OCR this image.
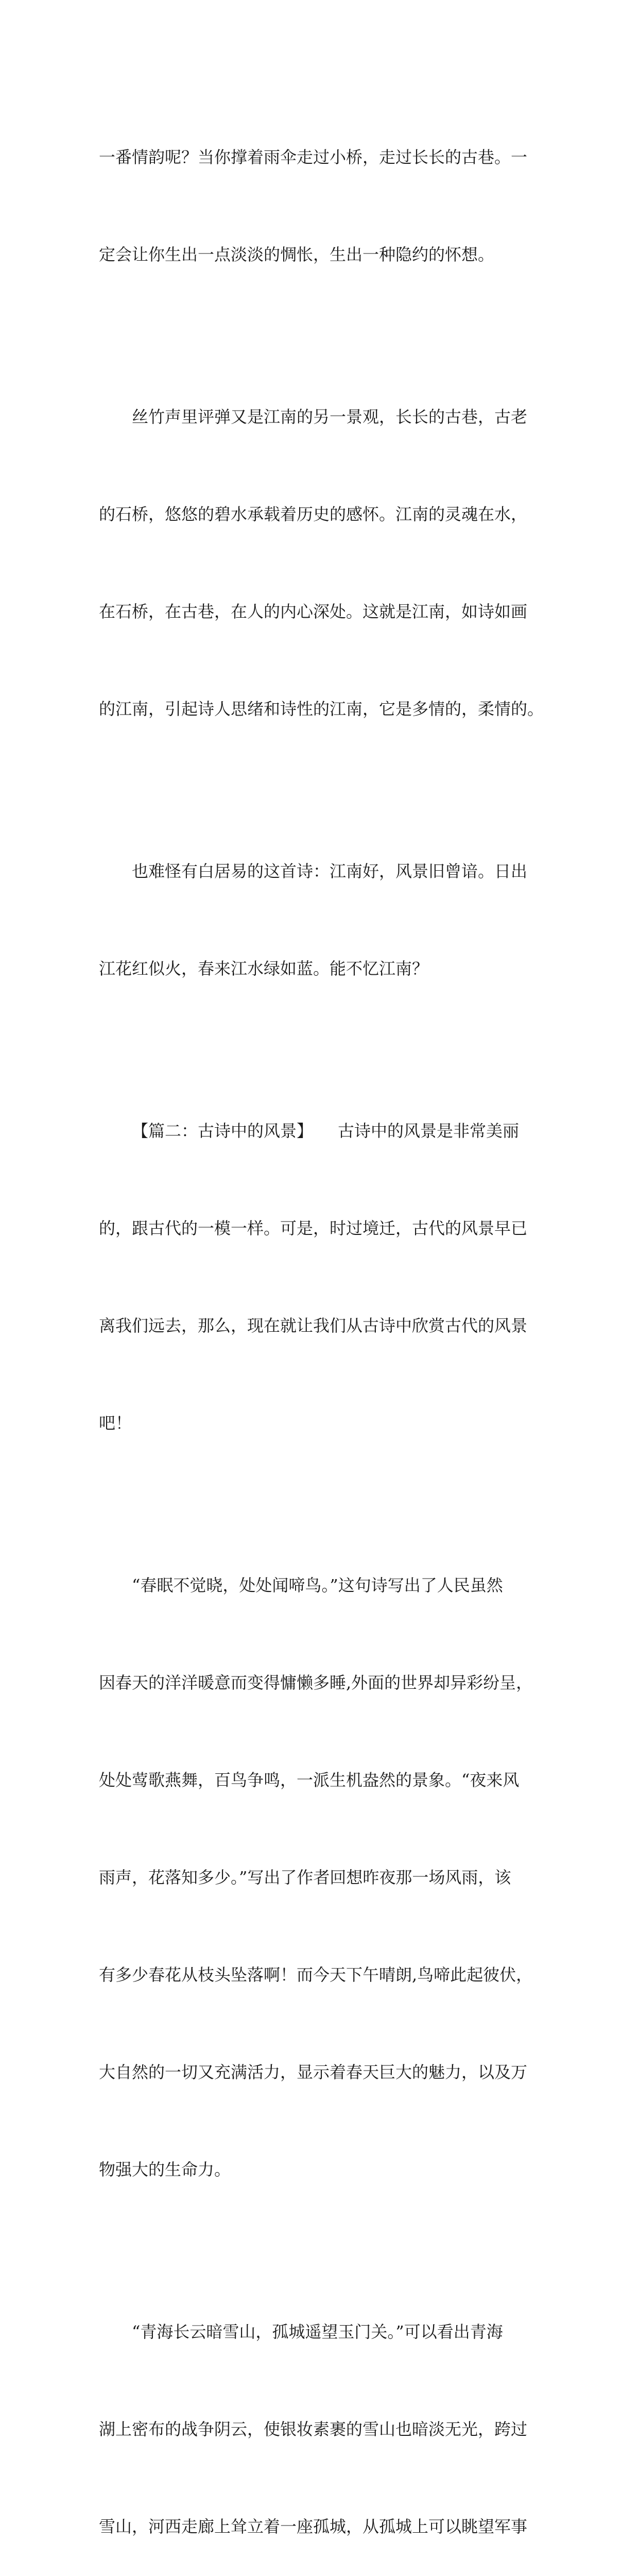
一番情韵呢？当你撑着雨伞走过小桥，走过长长的古巷。一

定会让你生出一点淡淡的惆怅，生出一种隐约的怀想。

丝竹声里评弹又是江南的另一景观，长长的古巷，古老

的石桥，悠悠的碧水承载着历史的感怀。江南的灵魂在水，

在石桥，在古巷，在人的内心深处。这就是江南，如诗如画

的江南，引起诗人思绪和诗性的江南，它是多情的，柔情的。

也难怪有白居易的这首诗：江南好，风景旧曾谙。日出

江花红似火，春来江水绿如蓝。能不忆江南？

【篇二：古诗中的风景】　　古诗中的风景是非常美丽

的，跟古代的一模一样。可是，时过境迁，古代的风景早已

离我们远去，那么，现在就让我们从古诗中欣赏古代的风景

吧！

“春眠不觉晓，处处闻啼鸟。”这句诗写出了人民虽然

因春天的洋洋暖意而变得慵懒多睡,外面的世界却异彩纷呈，

处处莺歌燕舞，百鸟争鸣，一派生机盎然的景象。“夜来风

雨声，花落知多少。”写出了作者回想昨夜那一场风雨，该

有多少春花从枝头坠落啊！而今天下午晴朗,鸟啼此起彼伏，

大自然的一切又充满活力，显示着春天巨大的魅力，以及万

物强大的生命力。

“青海长云暗雪山，孤城遥望玉门关。”可以看出青海

湖上密布的战争阴云，使银妆素裹的雪山也暗淡无光，跨过

雪山，河西走廊上耸立着一座孤城，从孤城上可以眺望军事
